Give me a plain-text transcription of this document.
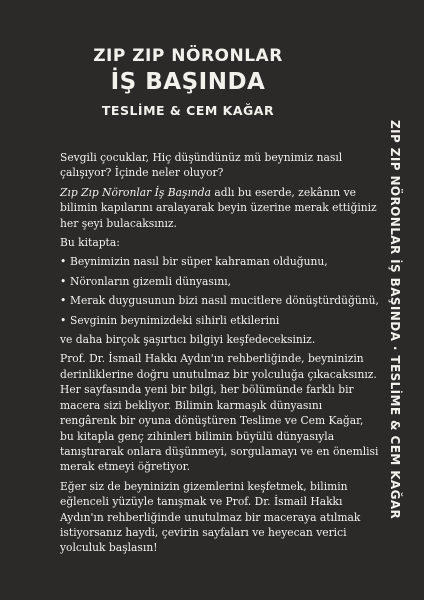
ZIP ZIP NÖRONLAR
İŞ BAŞINDA
TESLİME & CEM KAĞAR

Sevgili çocuklar, Hiç düşündünüz mü beynimiz nasıl çalışıyor? İçinde neler oluyor?

Zıp Zıp Nöronlar İş Başında adlı bu eserde, zekânın ve bilimin kapılarını aralayarak beyin üzerine merak ettiğiniz her şeyi bulacaksınız.

Bu kitapta:

• Beynimizin nasıl bir süper kahraman olduğunu,
• Nöronların gizemli dünyasını,
• Merak duygusunun bizi nasıl mucitlere dönüştürdüğünü,
• Sevginin beynimizdeki sihirli etkilerini

ve daha birçok şaşırtıcı bilgiyi keşfedeceksiniz.

Prof. Dr. İsmail Hakkı Aydın'ın rehberliğinde, beyninizin derinliklerine doğru unutulmaz bir yolculuğa çıkacaksınız. Her sayfasında yeni bir bilgi, her bölümünde farklı bir macera sizi bekliyor. Bilimin karmaşık dünyasını rengârenk bir oyuna dönüştüren Teslime ve Cem Kağar, bu kitapla genç zihinleri bilimin büyülü dünyasıyla tanıştırarak onlara düşünmeyi, sorgulamayı ve en önemlisi merak etmeyi öğretiyor.

Eğer siz de beyninizin gizemlerini keşfetmek, bilimin eğlenceli yüzüyle tanışmak ve Prof. Dr. İsmail Hakkı Aydın'ın rehberliğinde unutulmaz bir maceraya atılmak istiyorsanız haydi, çevirin sayfaları ve heyecan verici yolculuk başlasın!

ZIP ZIP NÖRONLAR İŞ BAŞINDA · TESLİME & CEM KAĞAR
